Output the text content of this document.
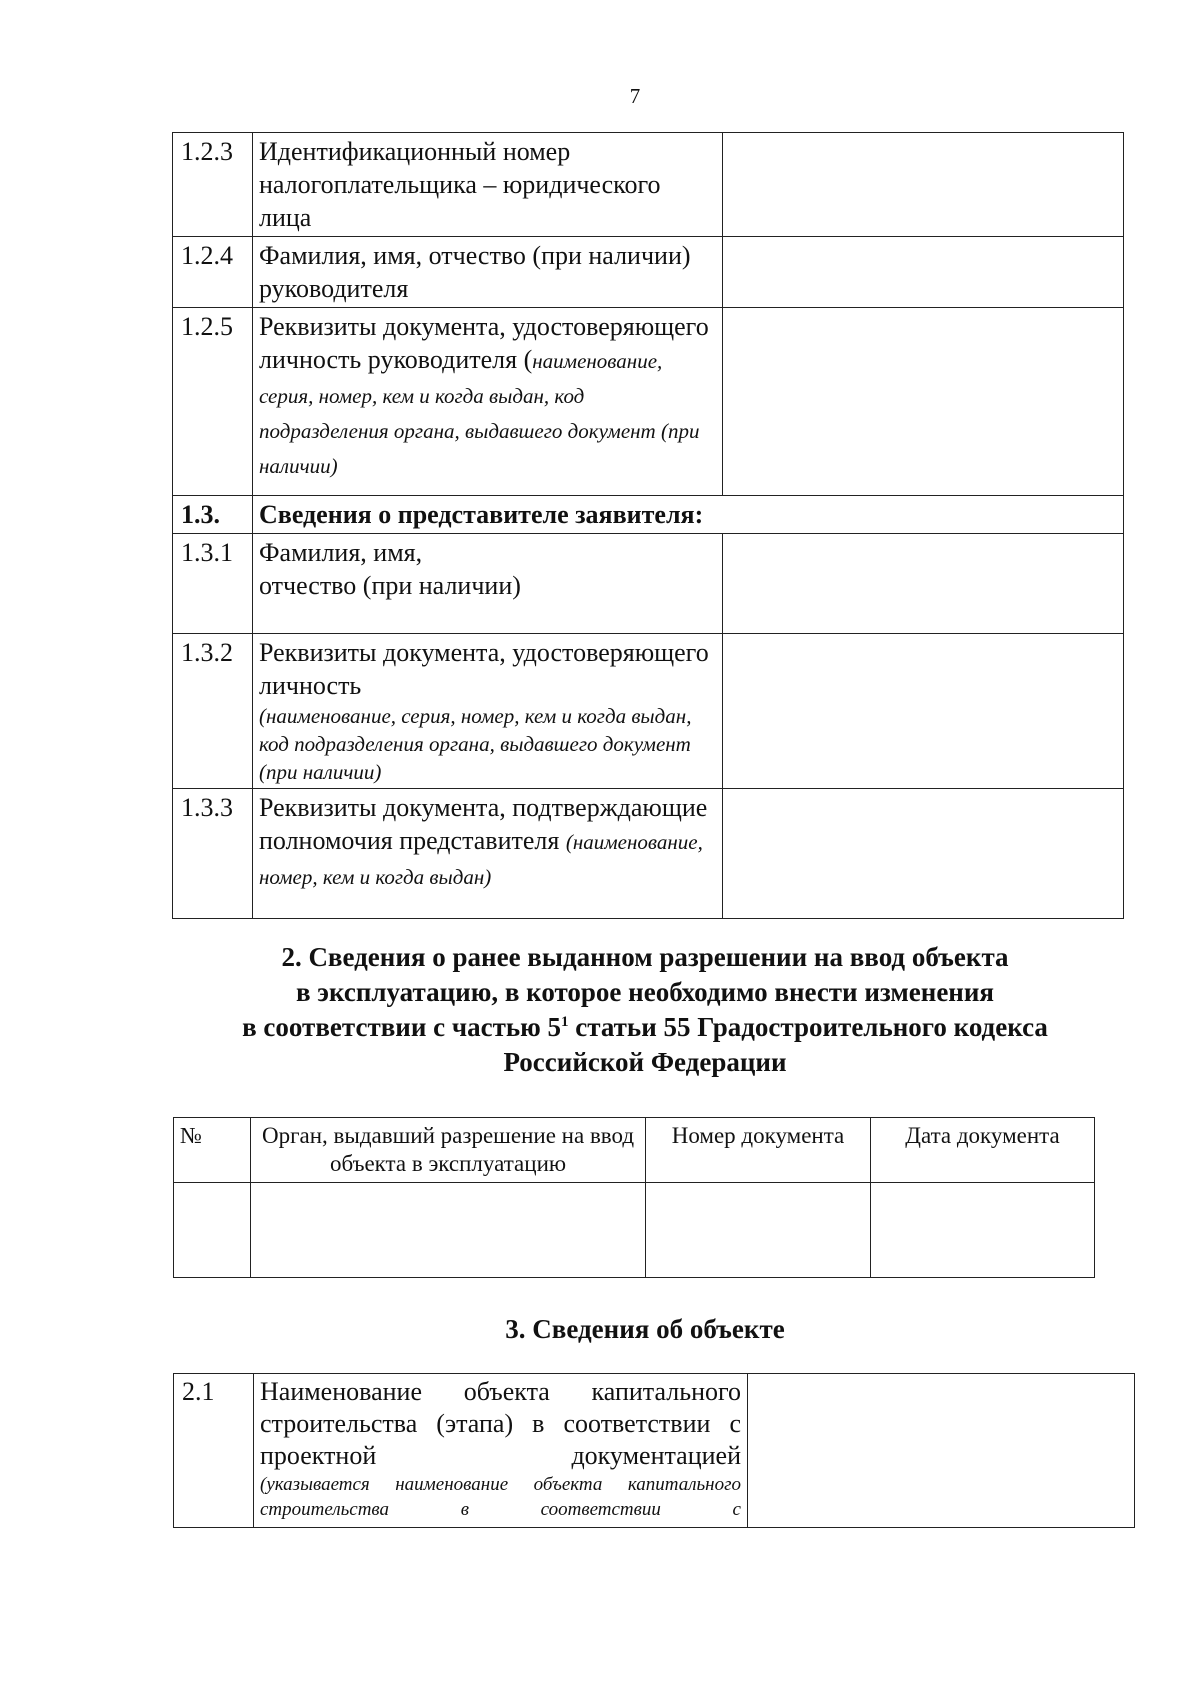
7
1.2.3	Идентификационный номер налогоплательщика – юридического лица	
1.2.4	Фамилия, имя, отчество (при наличии) руководителя	
1.2.5	Реквизиты документа, удостоверяющего личность руководителя (наименование, серия, номер, кем и когда выдан, код подразделения органа, выдавшего документ (при наличии)	
1.3.	Сведения о представителе заявителя:	
1.3.1	Фамилия, имя,
отчество (при наличии)	

1.3.2	Реквизиты документа, удостоверяющего личность
(наименование, серия, номер, кем и когда выдан, код подразделения органа, выдавшего документ (при наличии)	

1.3.3	Реквизиты документа, подтверждающие полномочия представителя (наименование, номер, кем и когда выдан)	
2. Сведения о ранее выданном разрешении на ввод объекта
в эксплуатацию, в которое необходимо внести изменения
в соответствии с частью $5^1$ статьи 55 Градостроительного кодекса
Российской Федерации
№	Орган, выдавший разрешение на ввод объекта в эксплуатацию	Номер документа	Дата документа

3. Сведения об объекте
2.1	Наименование объекта капитального строительства (этапа) в соответствии с проектной документацией
(указывается наименование объекта капитального строительства в соответствии с
